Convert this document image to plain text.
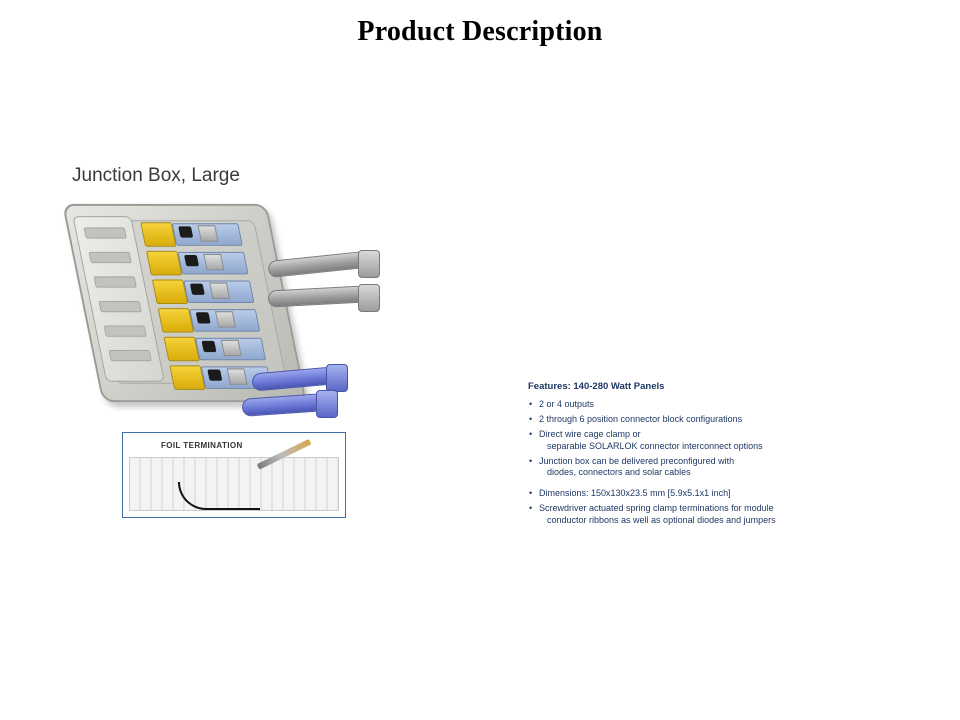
Product Description
Junction Box, Large
FOIL TERMINATION
Features: 140-280 Watt Panels
• 2 or 4 outputs
• 2 through 6 position connector block configurations
• Direct wire cage clamp or
separable SOLARLOK connector interconnect options
• Junction box can be delivered preconfigured with
diodes, connectors and solar cables
• Dimensions: 150x130x23.5 mm [5.9x5.1x1 inch]
• Screwdriver actuated spring clamp terminations for module
conductor ribbons as well as optional diodes and jumpers
